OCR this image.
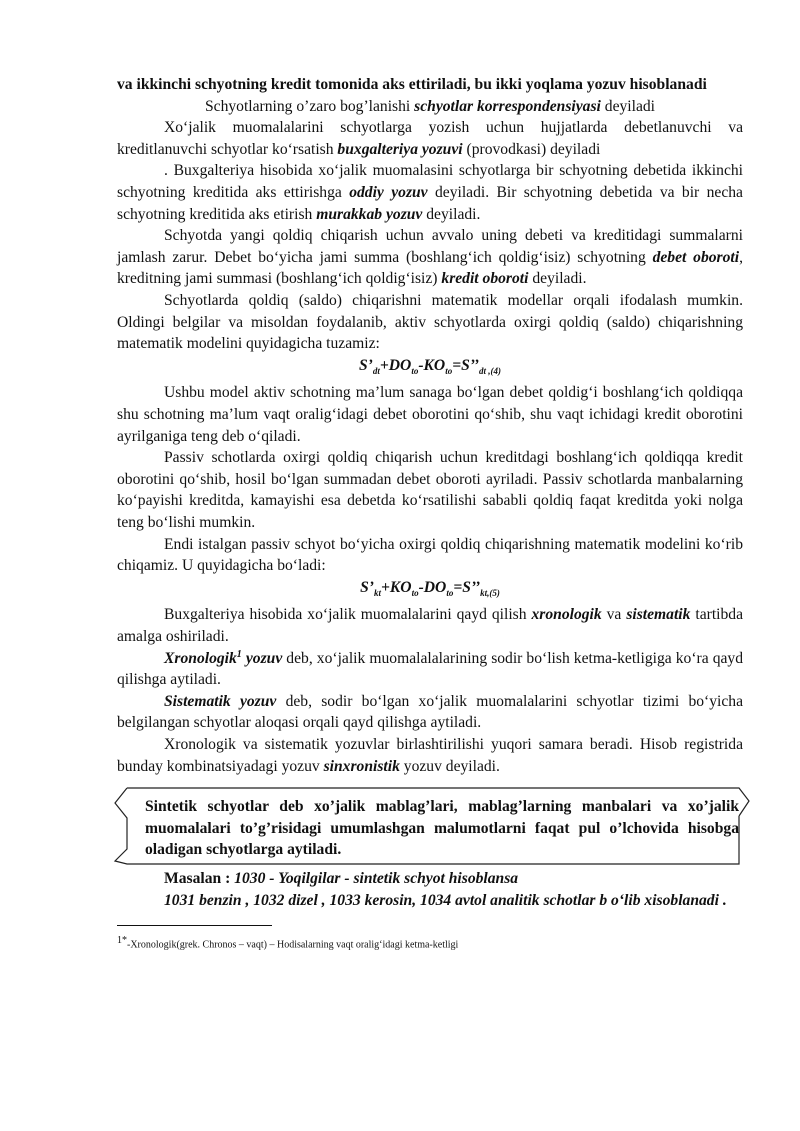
va ikkinchi schyotning kredit tomonida aks ettiriladi, bu ikki yoqlama yozuv hisoblanadi

Schyotlarning o’zaro bog’lanishi schyotlar korrespondensiyasi deyiladi

Xo‘jalik muomalalarini schyotlarga yozish uchun hujjatlarda debetlanuvchi va kreditlanuvchi schyotlar ko‘rsatish buxgalteriya yozuvi (provodkasi) deyiladi

. Buxgalteriya hisobida xo‘jalik muomalasini schyotlarga bir schyotning debetida ikkinchi schyotning kreditida aks ettirishga oddiy yozuv deyiladi. Bir schyotning debetida va bir necha schyotning kreditida aks etirish murakkab yozuv deyiladi.

Schyotda yangi qoldiq chiqarish uchun avvalo uning debeti va kreditidagi summalarni jamlash zarur. Debet bo‘yicha jami summa (boshlang‘ich qoldig‘isiz) schyotning debet oboroti, kreditning jami summasi (boshlang‘ich qoldig‘isiz) kredit oboroti deyiladi.

Schyotlarda qoldiq (saldo) chiqarishni matematik modellar orqali ifodalash mumkin. Oldingi belgilar va misoldan foydalanib, aktiv schyotlarda oxirgi qoldiq (saldo) chiqarishning matematik modelini quyidagicha tuzamiz:

$S’_{dt}+DO_{to}-KO_{to}=S’’_{dt ,(4)}$

Ushbu model aktiv schotning ma’lum sanaga bo‘lgan debet qoldig‘i boshlang‘ich qoldiqqa shu schotning ma’lum vaqt oralig‘idagi debet oborotini qo‘shib, shu vaqt ichidagi kredit oborotini ayrilganiga teng deb o‘qiladi.

Passiv schotlarda oxirgi qoldiq chiqarish uchun kreditdagi boshlang‘ich qoldiqqa kredit oborotini qo‘shib, hosil bo‘lgan summadan debet oboroti ayriladi. Passiv schotlarda manbalarning ko‘payishi kreditda, kamayishi esa debetda ko‘rsatilishi sababli qoldiq faqat kreditda yoki nolga teng bo‘lishi mumkin.

Endi istalgan passiv schyot bo‘yicha oxirgi qoldiq chiqarishning matematik modelini ko‘rib chiqamiz. U quyidagicha bo‘ladi:

$S’_{kt}+KO_{to}-DO_{to}=S’’_{kt,(5)}$

Buxgalteriya hisobida xo‘jalik muomalalarini qayd qilish xronologik va sistematik tartibda amalga oshiriladi.

Xronologik$^1$ yozuv deb, xo‘jalik muomalalalarining sodir bo‘lish ketma-ketligiga ko‘ra qayd qilishga aytiladi.

Sistematik yozuv deb, sodir bo‘lgan xo‘jalik muomalalarini schyotlar tizimi bo‘yicha belgilangan schyotlar aloqasi orqali qayd qilishga aytiladi.

Xronologik va sistematik yozuvlar birlashtirilishi yuqori samara beradi. Hisob registrida bunday kombinatsiyadagi yozuv sinxronistik yozuv deyiladi.

Sintetik schyotlar deb xo’jalik mablag’lari, mablag’larning manbalari va xo’jalik muomalalari to’g’risidagi umumlashgan malumotlarni faqat pul o’lchovida hisobga oladigan schyotlarga aytiladi.

Masalan : 1030 - Yoqilgilar - sintetik schyot hisoblansa

1031 benzin , 1032 dizel , 1033 kerosin, 1034 avtol analitik schotlar b o‘lib xisoblanadi .

$^{1*}$-Xronologik(grek. Chronos – vaqt) – Hodisalarning vaqt oralig‘idagi ketma-ketligi
